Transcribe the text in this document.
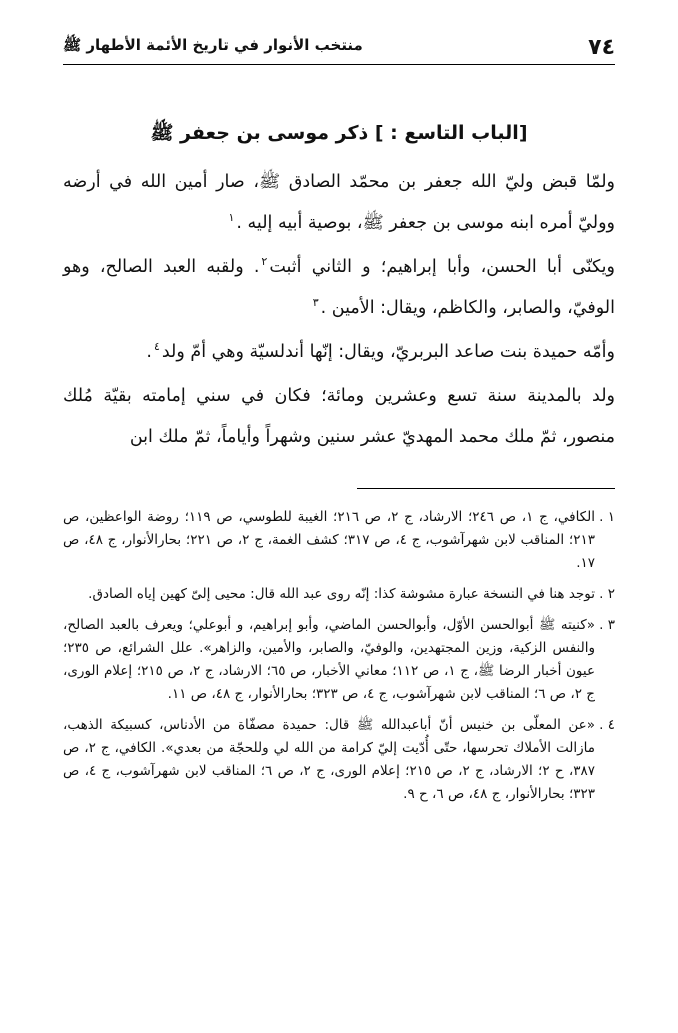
٧٤
منتخب الأنوار في تاريخ الأئمة الأطهار ﷺ
[الباب التاسع : ] ذكر موسى بن جعفر ﷺ

ولمّا قبض وليّ الله جعفر بن محمّد الصادق ﷺ، صار أمين الله في أرضه ووليّ أمره ابنه موسى بن جعفر ﷺ، بوصية أبيه إليه .$^١$

ويكنّى أبا الحسن، وأبا إبراهيم؛ و الثاني أثبت$^٢$. ولقبه العبد الصالح، وهو الوفيّ، والصابر، والكاظم، ويقال: الأمين .$^٣$

وأمّه حميدة بنت صاعد البربريّ، ويقال: إنّها أندلسيّة وهي أمّ ولد$^٤$.

ولد بالمدينة سنة تسع وعشرين ومائة؛ فكان في سني إمامته بقيّة مُلك منصور، ثمّ ملك محمد المهديّ عشر سنين وشهراً وأياماً، ثمّ ملك ابن

١ .
الكافي، ج ١، ص ٢٤٦؛ الارشاد، ج ٢، ص ٢١٦؛ الغيبة للطوسي، ص ١١٩؛ روضة الواعظين، ص ٢١٣؛ المناقب لابن شهرآشوب، ج ٤، ص ٣١٧؛ كشف الغمة، ج ٢، ص ٢٢١؛ بحارالأنوار، ج ٤٨، ص ١٧.
٢ .
توجد هنا في النسخة عبارة مشوشة كذا: إنّه روى عبد الله قال: محيى إلىّ كهين إياه الصادق.
٣ .
«كنيته ﷺ أبوالحسن الأوّل، وأبوالحسن الماضي، وأبو إبراهيم، و أبوعلي؛ ويعرف بالعبد الصالح، والنفس الزكية، وزين المجتهدين، والوفيّ، والصابر، والأمين، والزاهر». علل الشرائع، ص ٢٣٥؛ عيون أخبار الرضا ﷺ، ج ١، ص ١١٢؛ معاني الأخبار، ص ٦٥؛ الارشاد، ج ٢، ص ٢١٥؛ إعلام الورى، ج ٢، ص ٦؛ المناقب لابن شهرآشوب، ج ٤، ص ٣٢٣؛ بحارالأنوار، ج ٤٨، ص ١١.
٤ .
«عن المعلّى بن خنيس أنّ أباعبدالله ﷺ قال: حميدة مصفّاة من الأدناس، كسبيكة الذهب، مازالت الأملاك تحرسها، حتّى أُدّيت إليّ كرامة من الله لي وللحجّة من بعدي». الكافي، ج ٢، ص ٣٨٧، ح ٢؛ الارشاد، ج ٢، ص ٢١٥؛ إعلام الورى، ج ٢، ص ٦؛ المناقب لابن شهرآشوب، ج ٤، ص ٣٢٣؛ بحارالأنوار، ج ٤٨، ص ٦، ح ٩.
